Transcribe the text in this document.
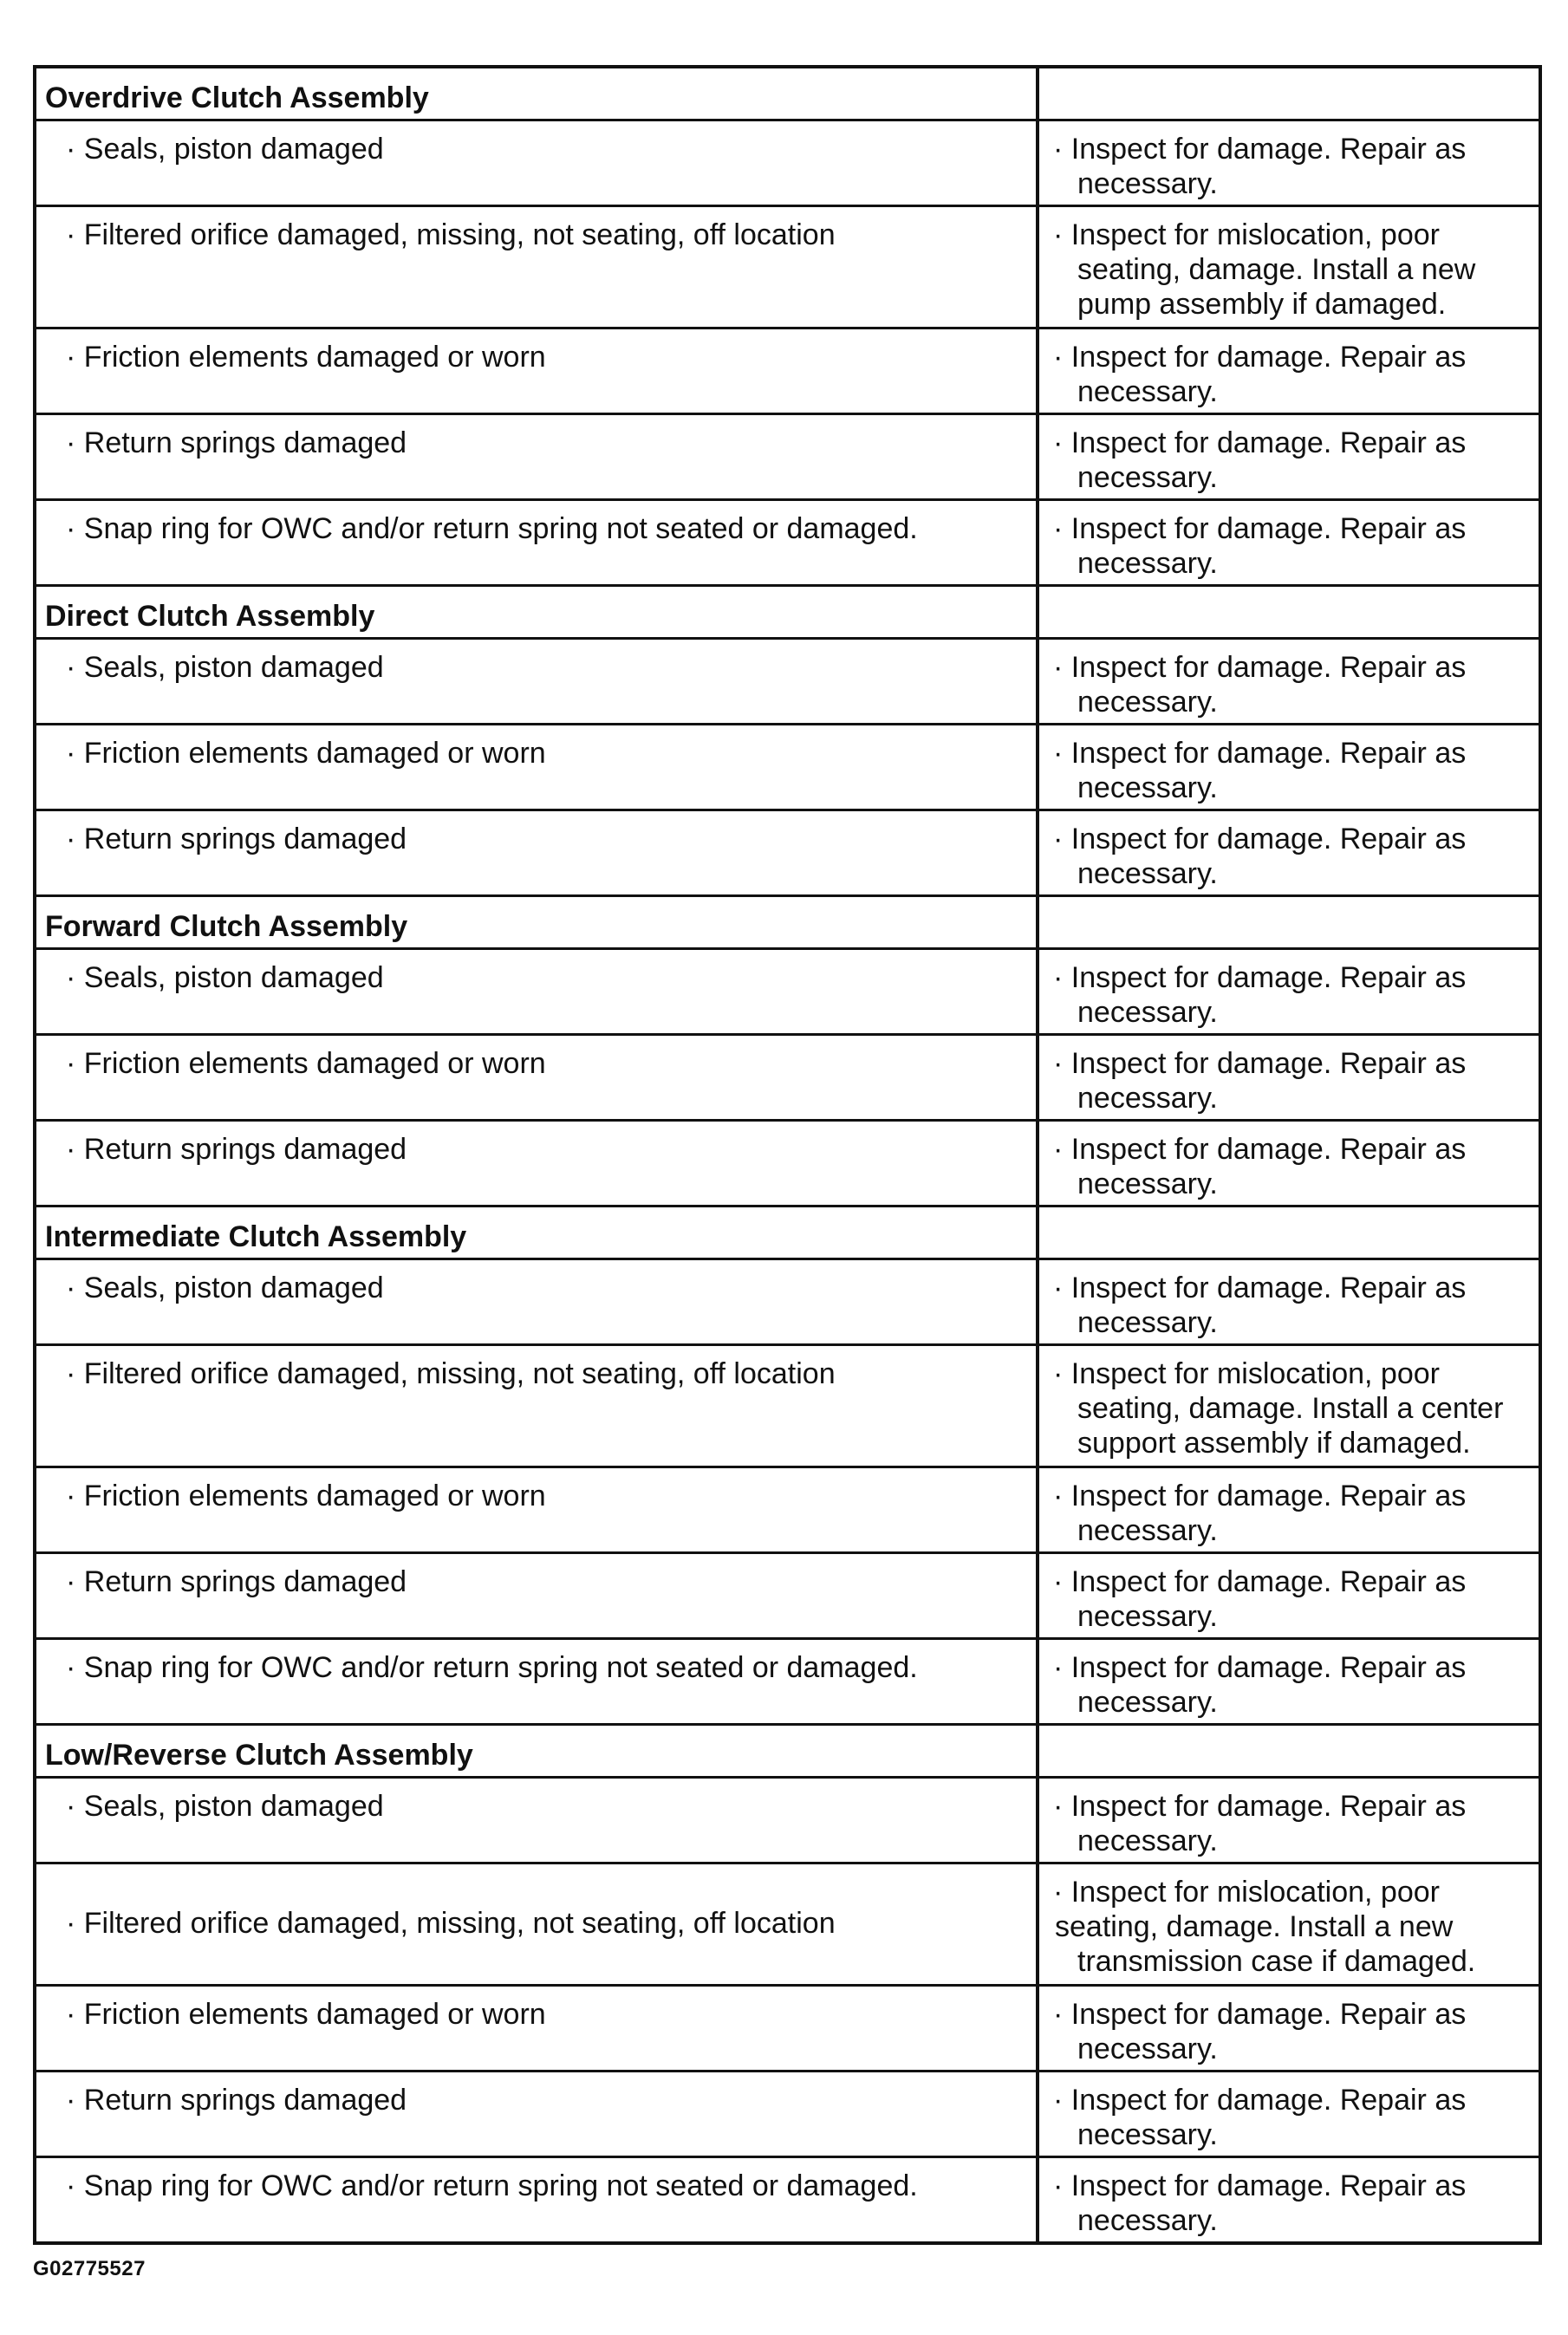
Overdrive Clutch Assembly	

· Seals, piston damaged	· Inspect for damage. Repair as
necessary.

· Filtered orifice damaged, missing, not seating, off location	· Inspect for mislocation, poor
seating, damage. Install a new
pump assembly if damaged.

· Friction elements damaged or worn	· Inspect for damage. Repair as
necessary.

· Return springs damaged	· Inspect for damage. Repair as
necessary.

· Snap ring for OWC and/or return spring not seated or damaged.	· Inspect for damage. Repair as
necessary.

Direct Clutch Assembly	

· Seals, piston damaged	· Inspect for damage. Repair as
necessary.

· Friction elements damaged or worn	· Inspect for damage. Repair as
necessary.

· Return springs damaged	· Inspect for damage. Repair as
necessary.

Forward Clutch Assembly	

· Seals, piston damaged	· Inspect for damage. Repair as
necessary.

· Friction elements damaged or worn	· Inspect for damage. Repair as
necessary.

· Return springs damaged	· Inspect for damage. Repair as
necessary.

Intermediate Clutch Assembly	

· Seals, piston damaged	· Inspect for damage. Repair as
necessary.

· Filtered orifice damaged, missing, not seating, off location	· Inspect for mislocation, poor
seating, damage. Install a center
support assembly if damaged.

· Friction elements damaged or worn	· Inspect for damage. Repair as
necessary.

· Return springs damaged	· Inspect for damage. Repair as
necessary.

· Snap ring for OWC and/or return spring not seated or damaged.	· Inspect for damage. Repair as
necessary.

Low/Reverse Clutch Assembly	

· Seals, piston damaged	· Inspect for damage. Repair as
necessary.

· Filtered orifice damaged, missing, not seating, off location	· Inspect for mislocation, poor
seating, damage. Install a new
transmission case if damaged.

· Friction elements damaged or worn	· Inspect for damage. Repair as
necessary.

· Return springs damaged	· Inspect for damage. Repair as
necessary.

· Snap ring for OWC and/or return spring not seated or damaged.	· Inspect for damage. Repair as
necessary.
G02775527
